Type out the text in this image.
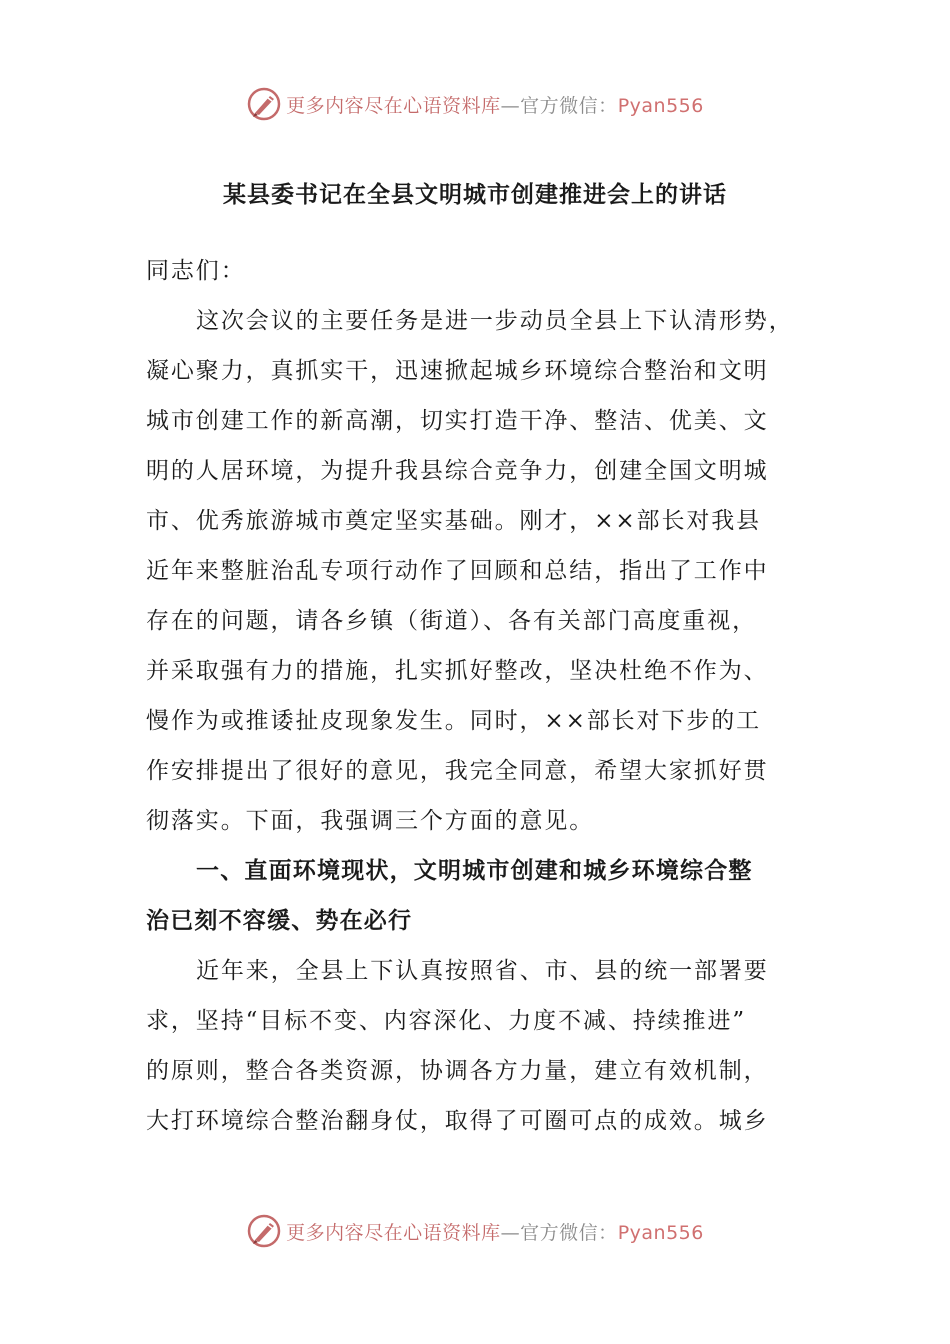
更多内容尽在心语资料库—官方微信：Pyan556
某县委书记在全县文明城市创建推进会上的讲话
同志们：
这次会议的主要任务是进一步动员全县上下认清形势，
凝心聚力，真抓实干，迅速掀起城乡环境综合整治和文明
城市创建工作的新高潮，切实打造干净、整洁、优美、文
明的人居环境，为提升我县综合竞争力，创建全国文明城
市、优秀旅游城市奠定坚实基础。刚才，××部长对我县
近年来整脏治乱专项行动作了回顾和总结，指出了工作中
存在的问题，请各乡镇（街道）、各有关部门高度重视，
并采取强有力的措施，扎实抓好整改，坚决杜绝不作为、
慢作为或推诿扯皮现象发生。同时，××部长对下步的工
作安排提出了很好的意见，我完全同意，希望大家抓好贯
彻落实。下面，我强调三个方面的意见。
一、直面环境现状，文明城市创建和城乡环境综合整
治已刻不容缓、势在必行
近年来，全县上下认真按照省、市、县的统一部署要
求，坚持“目标不变、内容深化、力度不减、持续推进”
的原则，整合各类资源，协调各方力量，建立有效机制，
大打环境综合整治翻身仗，取得了可圈可点的成效。城乡
更多内容尽在心语资料库—官方微信：Pyan556
